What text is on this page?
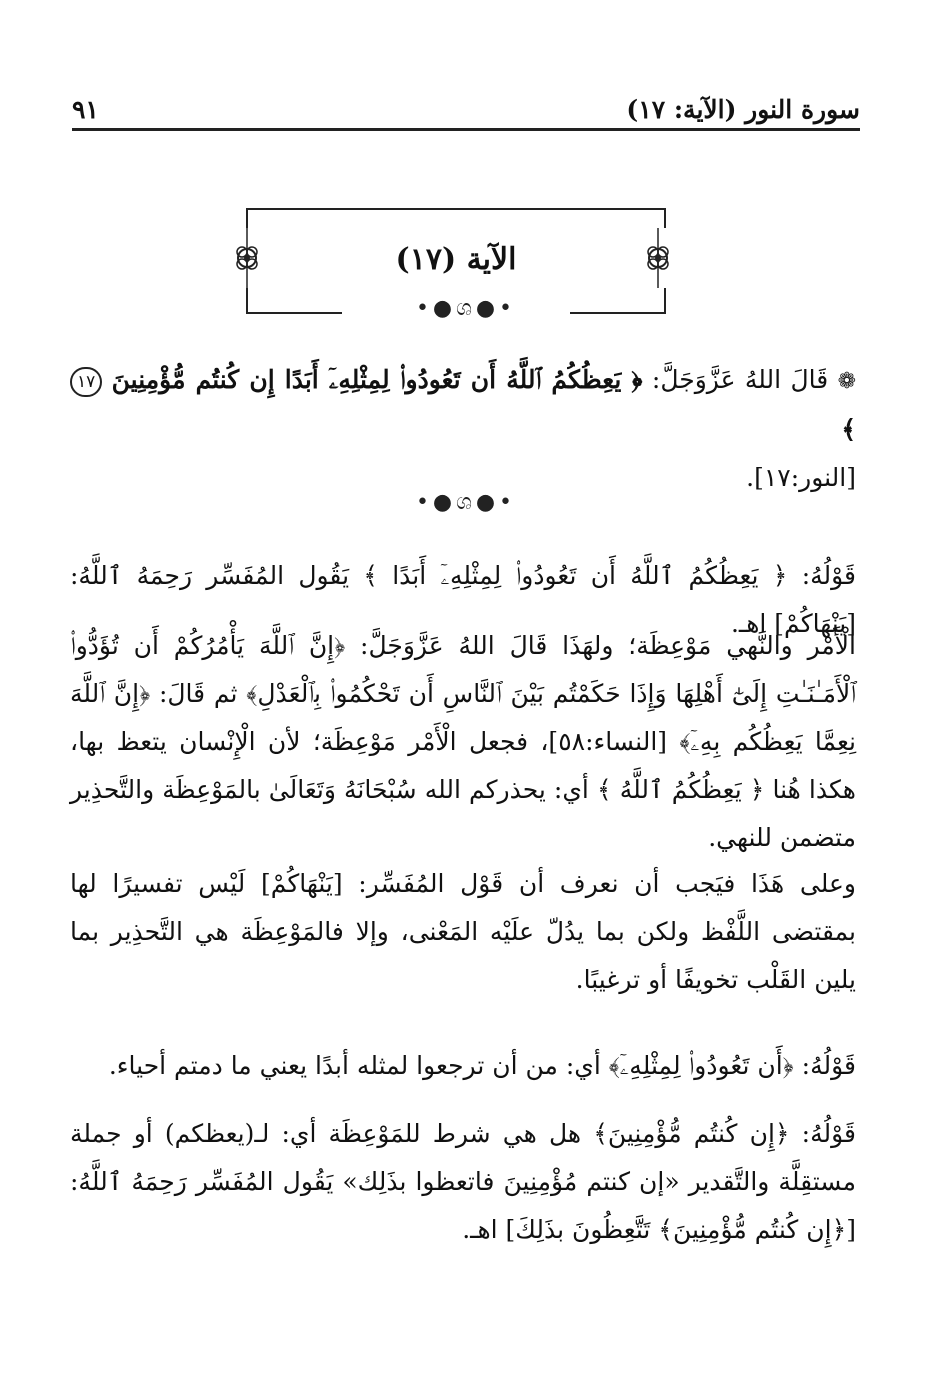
سورة النور (الآية: ١٧)
٩١
الآية (١٧)
•●ශ●•
❁ قَالَ اللهُ عَزَّوَجَلَّ: ﴿ يَعِظُكُمُ ٱللَّهُ أَن تَعُودُوا۟ لِمِثْلِهِۦٓ أَبَدًا إِن كُنتُم مُّؤْمِنِينَ ١٧ ﴾
[النور:١٧].
•●ශ●•
قَوْلُهُ: ﴿ يَعِظُكُمُ ٱللَّهُ أَن تَعُودُوا۟ لِمِثْلِهِۦٓ أَبَدًا ﴾ يَقُول المُفَسِّر رَحِمَهُ ٱللَّهُ: [يَنْهَاكُمْ] اهـ.
الْأَمْر والنَّهي مَوْعِظَة؛ ولهَذَا قَالَ اللهُ عَزَّوَجَلَّ: ﴿إِنَّ ٱللَّهَ يَأْمُرُكُمْ أَن تُؤَدُّوا۟ ٱلْأَمَـٰنَـٰتِ إِلَىٰٓ أَهْلِهَا وَإِذَا حَكَمْتُم بَيْنَ ٱلنَّاسِ أَن تَحْكُمُوا۟ بِٱلْعَدْلِ﴾ ثم قَالَ: ﴿إِنَّ ٱللَّهَ نِعِمَّا يَعِظُكُم بِهِۦٓ﴾ [النساء:٥٨]، فجعل الْأَمْر مَوْعِظَة؛ لأن الْإِنْسان يتعظ بها، هكذا هُنا ﴿ يَعِظُكُمُ ٱللَّهُ ﴾ أي: يحذركم الله سُبْحَانَهُ وَتَعَالَىٰ بالمَوْعِظَة والتَّحذِير متضمن للنهي.
وعلى هَذَا فيَجب أن نعرف أن قَوْل المُفَسِّر: [يَنْهَاكُمْ] لَيْس تفسيرًا لها بمقتضى اللَّفْظ ولكن بما يدُلّ علَيْه المَعْنى، وإلا فالمَوْعِظَة هي التَّحذِير بما يلين القَلْب تخويفًا أو ترغيبًا.
قَوْلُهُ: ﴿أَن تَعُودُوا۟ لِمِثْلِهِۦٓ﴾ أي: من أن ترجعوا لمثله أبدًا يعني ما دمتم أحياء.
قَوْلُهُ: ﴿إِن كُنتُم مُّؤْمِنِينَ﴾ هل هي شرط للمَوْعِظَة أي: لـ(يعظكم) أو جملة مستقِلَّة والتَّقدير «إن كنتم مُؤْمِنِينَ فاتعظوا بذَلِك» يَقُول المُفَسِّر رَحِمَهُ ٱللَّهُ: [﴿إِن كُنتُم مُّؤْمِنِينَ﴾ تَتَّعِظُونَ بذَلِكَ] اهـ.
